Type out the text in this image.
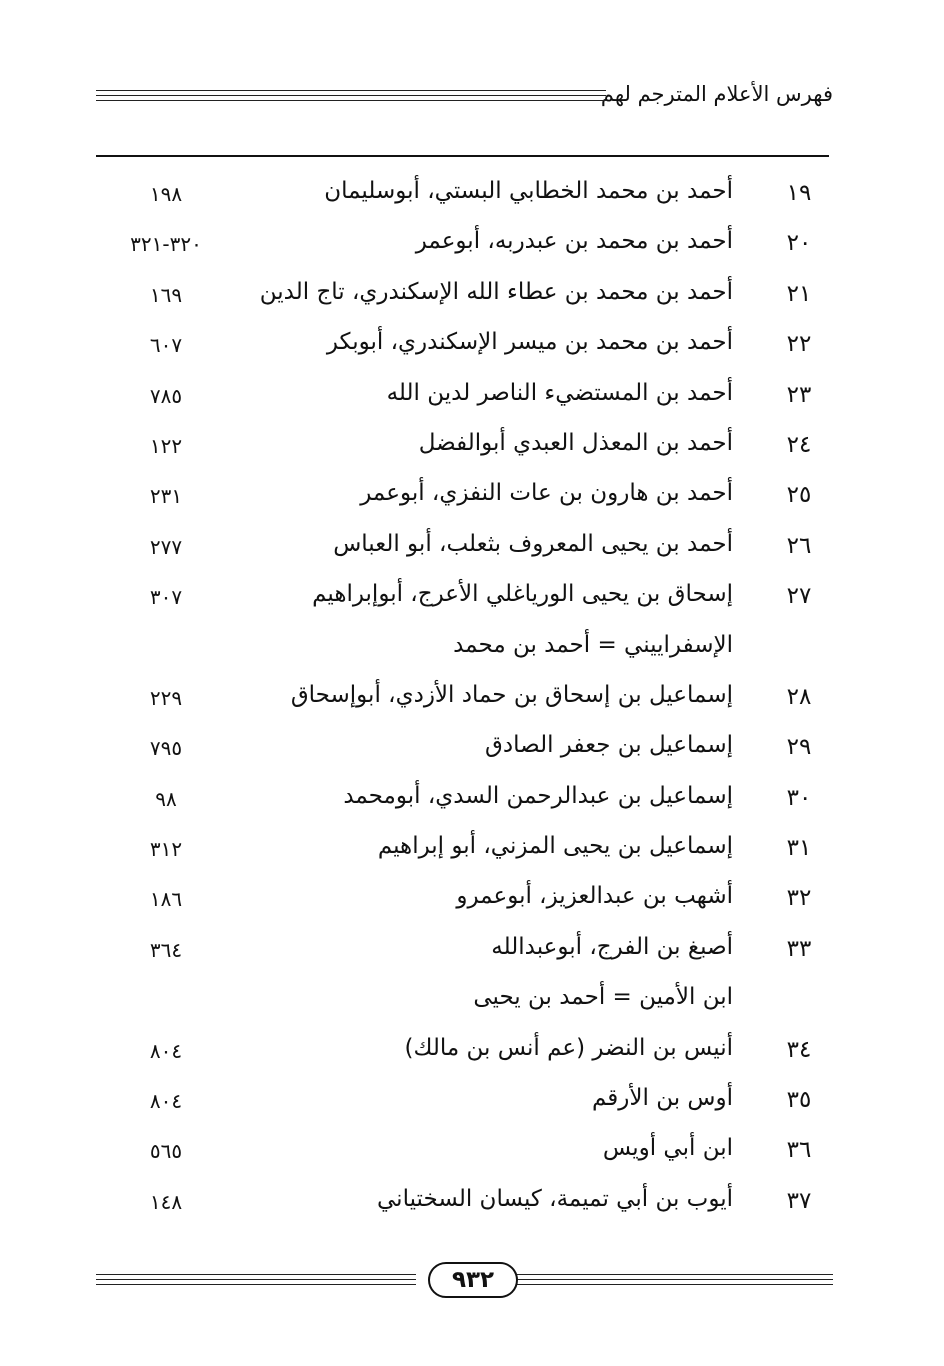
فهرس الأعلام المترجم لهم
١٩
أحمد بن محمد الخطابي البستي، أبوسليمان
١٩٨
٢٠
أحمد بن محمد بن عبدربه، أبوعمر
٣٢٠-٣٢١
٢١
أحمد بن محمد بن عطاء الله الإسكندري، تاج الدين
١٦٩
٢٢
أحمد بن محمد بن ميسر الإسكندري، أبوبكر
٦٠٧
٢٣
أحمد بن المستضيء الناصر لدين الله
٧٨٥
٢٤
أحمد بن المعذل العبدي أبوالفضل
١٢٢
٢٥
أحمد بن هارون بن عات النفزي، أبوعمر
٢٣١
٢٦
أحمد بن يحيى المعروف بثعلب، أبو العباس
٢٧٧
٢٧
إسحاق بن يحيى الورياغلي الأعرج، أبوإبراهيم
٣٠٧
الإسفراييني = أحمد بن محمد
٢٨
إسماعيل بن إسحاق بن حماد الأزدي، أبوإسحاق
٢٢٩
٢٩
إسماعيل بن جعفر الصادق
٧٩٥
٣٠
إسماعيل بن عبدالرحمن السدي، أبومحمد
٩٨
٣١
إسماعيل بن يحيى المزني، أبو إبراهيم
٣١٢
٣٢
أشهب بن عبدالعزيز، أبوعمرو
١٨٦
٣٣
أصبغ بن الفرج، أبوعبدالله
٣٦٤
ابن الأمين = أحمد بن يحيى
٣٤
أنيس بن النضر (عم أنس بن مالك)
٨٠٤
٣٥
أوس بن الأرقم
٨٠٤
٣٦
ابن أبي أويس
٥٦٥
٣٧
أيوب بن أبي تميمة، كيسان السختياني
١٤٨
٩٣٢
